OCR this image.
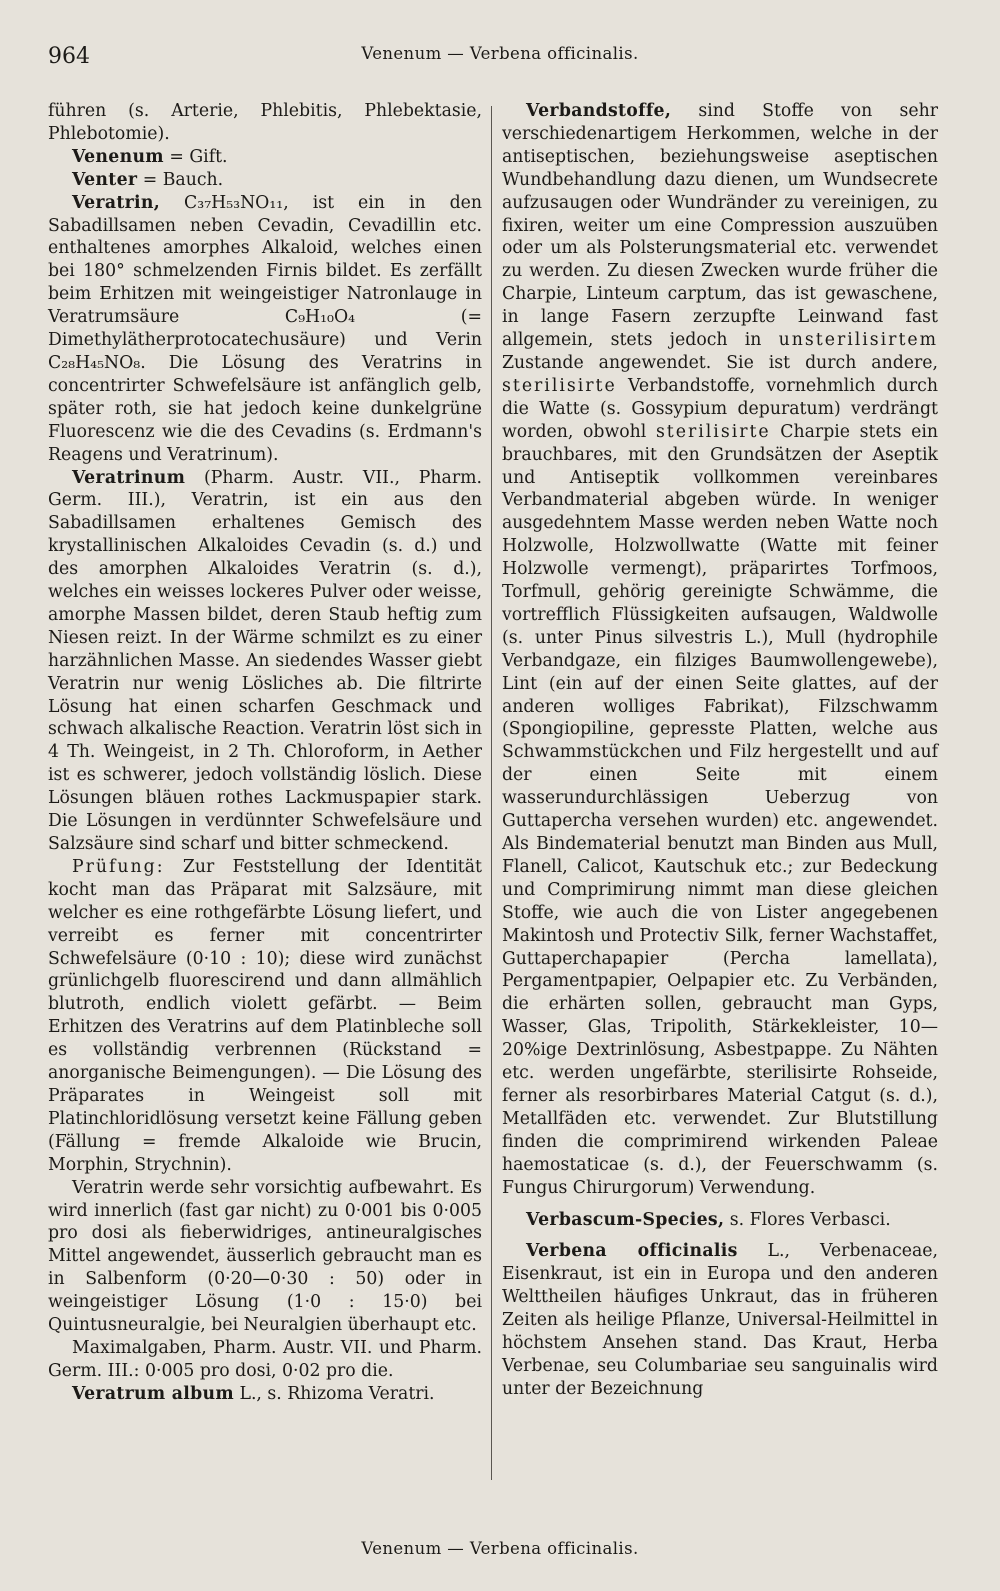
964	Venenum — Verbena officinalis.

führen (s. Arterie, Phlebitis, Phlebektasie, Phlebotomie).

Venenum = Gift.

Venter = Bauch.

Veratrin, C₃₇H₅₃NO₁₁, ist ein in den Sabadillsamen neben Cevadin, Cevadillin etc. enthaltenes amorphes Alkaloid, welches einen bei 180° schmelzenden Firnis bildet. Es zerfällt beim Erhitzen mit weingeistiger Natronlauge in Veratrumsäure C₉H₁₀O₄ (= Dimethylätherprotocatechusäure) und Verin C₂₈H₄₅NO₈. Die Lösung des Veratrins in concentrirter Schwefelsäure ist anfänglich gelb, später roth, sie hat jedoch keine dunkelgrüne Fluorescenz wie die des Cevadins (s. Erdmann's Reagens und Veratrinum).

Veratrinum (Pharm. Austr. VII., Pharm. Germ. III.), Veratrin, ist ein aus den Sabadillsamen erhaltenes Gemisch des krystallinischen Alkaloides Cevadin (s. d.) und des amorphen Alkaloides Veratrin (s. d.), welches ein weisses lockeres Pulver oder weisse, amorphe Massen bildet, deren Staub heftig zum Niesen reizt. In der Wärme schmilzt es zu einer harzähnlichen Masse. An siedendes Wasser giebt Veratrin nur wenig Lösliches ab. Die filtrirte Lösung hat einen scharfen Geschmack und schwach alkalische Reaction. Veratrin löst sich in 4 Th. Weingeist, in 2 Th. Chloroform, in Aether ist es schwerer, jedoch vollständig löslich. Diese Lösungen bläuen rothes Lackmuspapier stark. Die Lösungen in verdünnter Schwefelsäure und Salzsäure sind scharf und bitter schmeckend.

Prüfung: Zur Feststellung der Identität kocht man das Präparat mit Salzsäure, mit welcher es eine rothgefärbte Lösung liefert, und verreibt es ferner mit concentrirter Schwefelsäure (0·10 : 10); diese wird zunächst grünlichgelb fluorescirend und dann allmählich blutroth, endlich violett gefärbt. — Beim Erhitzen des Veratrins auf dem Platinbleche soll es vollständig verbrennen (Rückstand = anorganische Beimengungen). — Die Lösung des Präparates in Weingeist soll mit Platinchloridlösung versetzt keine Fällung geben (Fällung = fremde Alkaloide wie Brucin, Morphin, Strychnin).

Veratrin werde sehr vorsichtig aufbewahrt. Es wird innerlich (fast gar nicht) zu 0·001 bis 0·005 pro dosi als fieberwidriges, antineuralgisches Mittel angewendet, äusserlich gebraucht man es in Salbenform (0·20—0·30 : 50) oder in weingeistiger Lösung (1·0 : 15·0) bei Quintusneuralgie, bei Neuralgien überhaupt etc.

Maximalgaben, Pharm. Austr. VII. und Pharm. Germ. III.: 0·005 pro dosi, 0·02 pro die.

Veratrum album L., s. Rhizoma Veratri.

Verbandstoffe, sind Stoffe von sehr verschiedenartigem Herkommen, welche in der antiseptischen, beziehungsweise aseptischen Wundbehandlung dazu dienen, um Wundsecrete aufzusaugen oder Wundränder zu vereinigen, zu fixiren, weiter um eine Compression auszuüben oder um als Polsterungsmaterial etc. verwendet zu werden. Zu diesen Zwecken wurde früher die Charpie, Linteum carptum, das ist gewaschene, in lange Fasern zerzupfte Leinwand fast allgemein, stets jedoch in unsterilisirtem Zustande angewendet. Sie ist durch andere, sterilisirte Verbandstoffe, vornehmlich durch die Watte (s. Gossypium depuratum) verdrängt worden, obwohl sterilisirte Charpie stets ein brauchbares, mit den Grundsätzen der Aseptik und Antiseptik vollkommen vereinbares Verbandmaterial abgeben würde. In weniger ausgedehntem Masse werden neben Watte noch Holzwolle, Holzwollwatte (Watte mit feiner Holzwolle vermengt), präparirtes Torfmoos, Torfmull, gehörig gereinigte Schwämme, die vortrefflich Flüssigkeiten aufsaugen, Waldwolle (s. unter Pinus silvestris L.), Mull (hydrophile Verbandgaze, ein filziges Baumwollengewebe), Lint (ein auf der einen Seite glattes, auf der anderen wolliges Fabrikat), Filzschwamm (Spongiopiline, gepresste Platten, welche aus Schwammstückchen und Filz hergestellt und auf der einen Seite mit einem wasserundurchlässigen Ueberzug von Guttapercha versehen wurden) etc. angewendet. Als Bindematerial benutzt man Binden aus Mull, Flanell, Calicot, Kautschuk etc.; zur Bedeckung und Comprimirung nimmt man diese gleichen Stoffe, wie auch die von Lister angegebenen Makintosh und Protectiv Silk, ferner Wachstaffet, Guttaperchapapier (Percha lamellata), Pergamentpapier, Oelpapier etc. Zu Verbänden, die erhärten sollen, gebraucht man Gyps, Wasser, Glas, Tripolith, Stärkekleister, 10—20%ige Dextrinlösung, Asbestpappe. Zu Nähten etc. werden ungefärbte, sterilisirte Rohseide, ferner als resorbirbares Material Catgut (s. d.), Metallfäden etc. verwendet. Zur Blutstillung finden die comprimirend wirkenden Paleae haemostaticae (s. d.), der Feuerschwamm (s. Fungus Chirurgorum) Verwendung.

Verbascum-Species, s. Flores Verbasci.

Verbena officinalis L., Verbenaceae, Eisenkraut, ist ein in Europa und den anderen Welttheilen häufiges Unkraut, das in früheren Zeiten als heilige Pflanze, Universal-Heilmittel in höchstem Ansehen stand. Das Kraut, Herba Verbenae, seu Columbariae seu sanguinalis wird unter der Bezeichnung

Venenum — Verbena officinalis.
